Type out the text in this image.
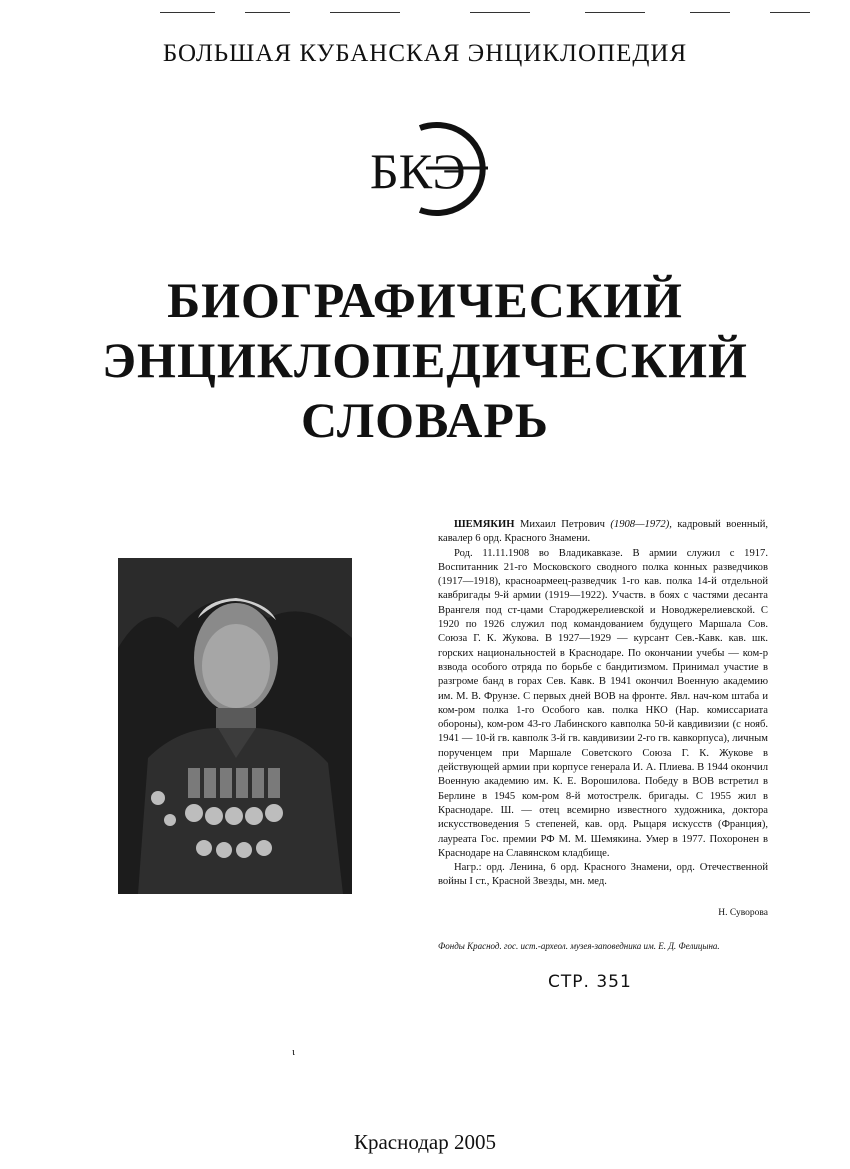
БОЛЬШАЯ КУБАНСКАЯ ЭНЦИКЛОПЕДИЯ
БКЭ
БИОГРАФИЧЕСКИЙ
ЭНЦИКЛОПЕДИЧЕСКИЙ
СЛОВАРЬ

ШЕМЯКИН Михаил Петрович (1908—1972), кадровый военный, кавалер 6 орд. Красного Знамени.

Род. 11.11.1908 во Владикавказе. В армии служил с 1917. Воспитанник 21-го Московского сводного полка конных разведчиков (1917—1918), красноармеец-разведчик 1-го кав. полка 14-й отдельной кавбригады 9-й армии (1919—1922). Участв. в боях с частями десанта Врангеля под ст-цами Староджерелиевской и Новоджерелиевской. С 1920 по 1926 служил под командованием будущего Маршала Сов. Союза Г. К. Жукова. В 1927—1929 — курсант Сев.-Кавк. кав. шк. горских национальностей в Краснодаре. По окончании учебы — ком-р взвода особого отряда по борьбе с бандитизмом. Принимал участие в разгроме банд в горах Сев. Кавк. В 1941 окончил Военную академию им. М. В. Фрунзе. С первых дней ВОВ на фронте. Явл. нач-ком штаба и ком-ром полка 1-го Особого кав. полка НКО (Нар. комиссариата обороны), ком-ром 43-го Лабинского кавполка 50-й кавдивизии (с нояб. 1941 — 10-й гв. кавполк 3-й гв. кавдивизии 2-го гв. кавкорпуса), личным порученцем при Маршале Советского Союза Г. К. Жукове в действующей армии при корпусе генерала И. А. Плиева. В 1944 окончил Военную академию им. К. Е. Ворошилова. Победу в ВОВ встретил в Берлине в 1945 ком-ром 8-й мотострелк. бригады. С 1955 жил в Краснодаре. Ш. — отец всемирно известного художника, доктора искусствоведения 5 степеней, кав. орд. Рыцаря искусств (Франция), лауреата Гос. премии РФ М. М. Шемякина. Умер в 1977. Похоронен в Краснодаре на Славянском кладбище.

Нагр.: орд. Ленина, 6 орд. Красного Знамени, орд. Отечественной войны I ст., Красной Звезды, мн. мед.

Н. Суворова

Фонды Краснод. гос. ист.-археол. музея-заповедника им. Е. Д. Фелицына.

СТР. 351
ɩ
Краснодар 2005
